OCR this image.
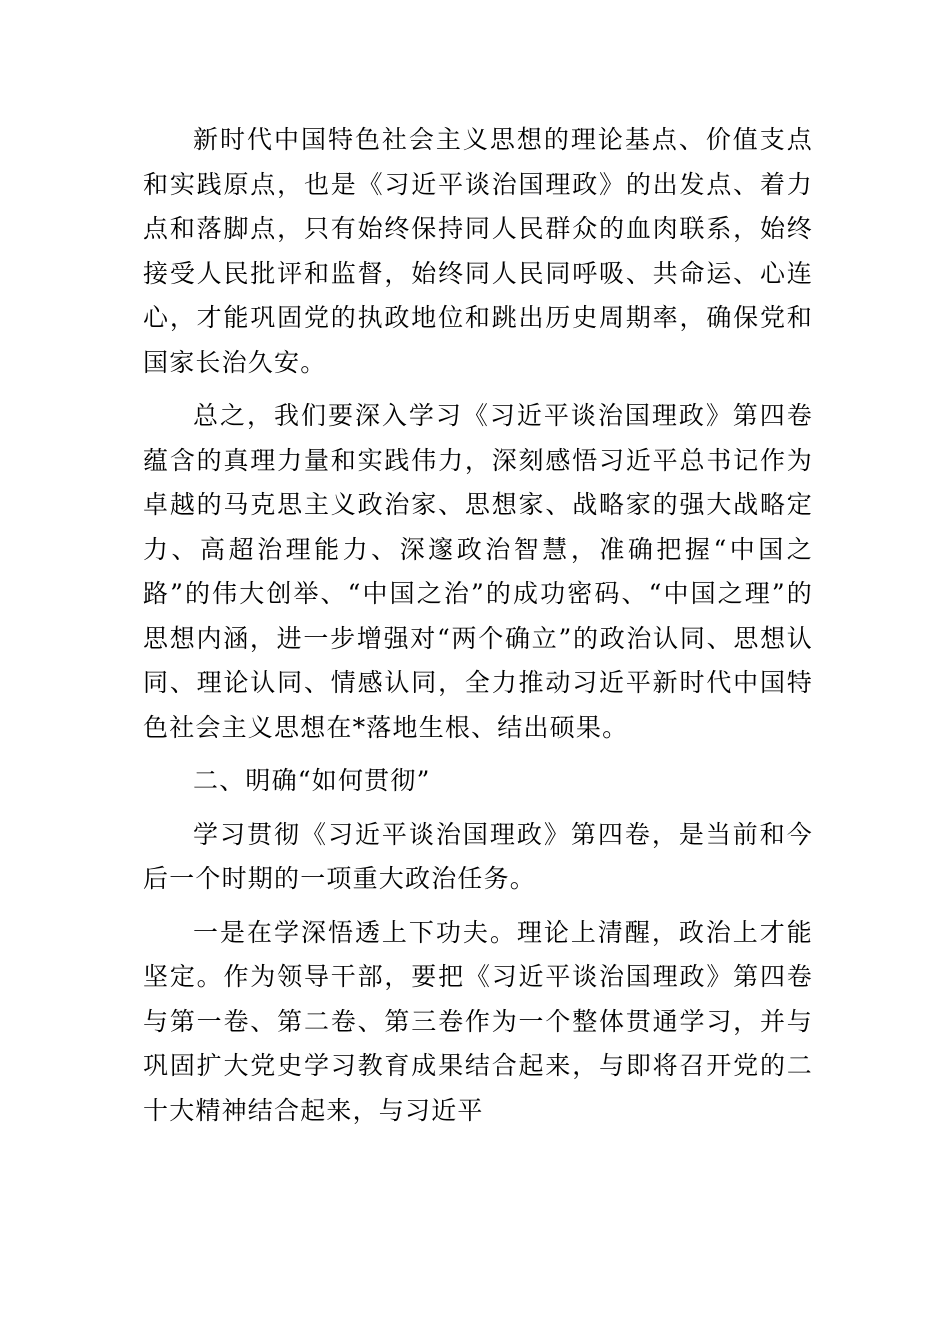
新时代中国特色社会主义思想的理论基点、价值支点和实践原点，也是《习近平谈治国理政》的出发点、着力点和落脚点，只有始终保持同人民群众的血肉联系，始终接受人民批评和监督，始终同人民同呼吸、共命运、心连心，才能巩固党的执政地位和跳出历史周期率，确保党和国家长治久安。

总之，我们要深入学习《习近平谈治国理政》第四卷蕴含的真理力量和实践伟力，深刻感悟习近平总书记作为卓越的马克思主义政治家、思想家、战略家的强大战略定力、高超治理能力、深邃政治智慧，准确把握“中国之路”的伟大创举、“中国之治”的成功密码、“中国之理”的思想内涵，进一步增强对“两个确立”的政治认同、思想认同、理论认同、情感认同，全力推动习近平新时代中国特色社会主义思想在*落地生根、结出硕果。

二、明确“如何贯彻”

学习贯彻《习近平谈治国理政》第四卷，是当前和今后一个时期的一项重大政治任务。

一是在学深悟透上下功夫。理论上清醒，政治上才能坚定。作为领导干部，要把《习近平谈治国理政》第四卷与第一卷、第二卷、第三卷作为一个整体贯通学习，并与巩固扩大党史学习教育成果结合起来，与即将召开党的二十大精神结合起来，与习近平
